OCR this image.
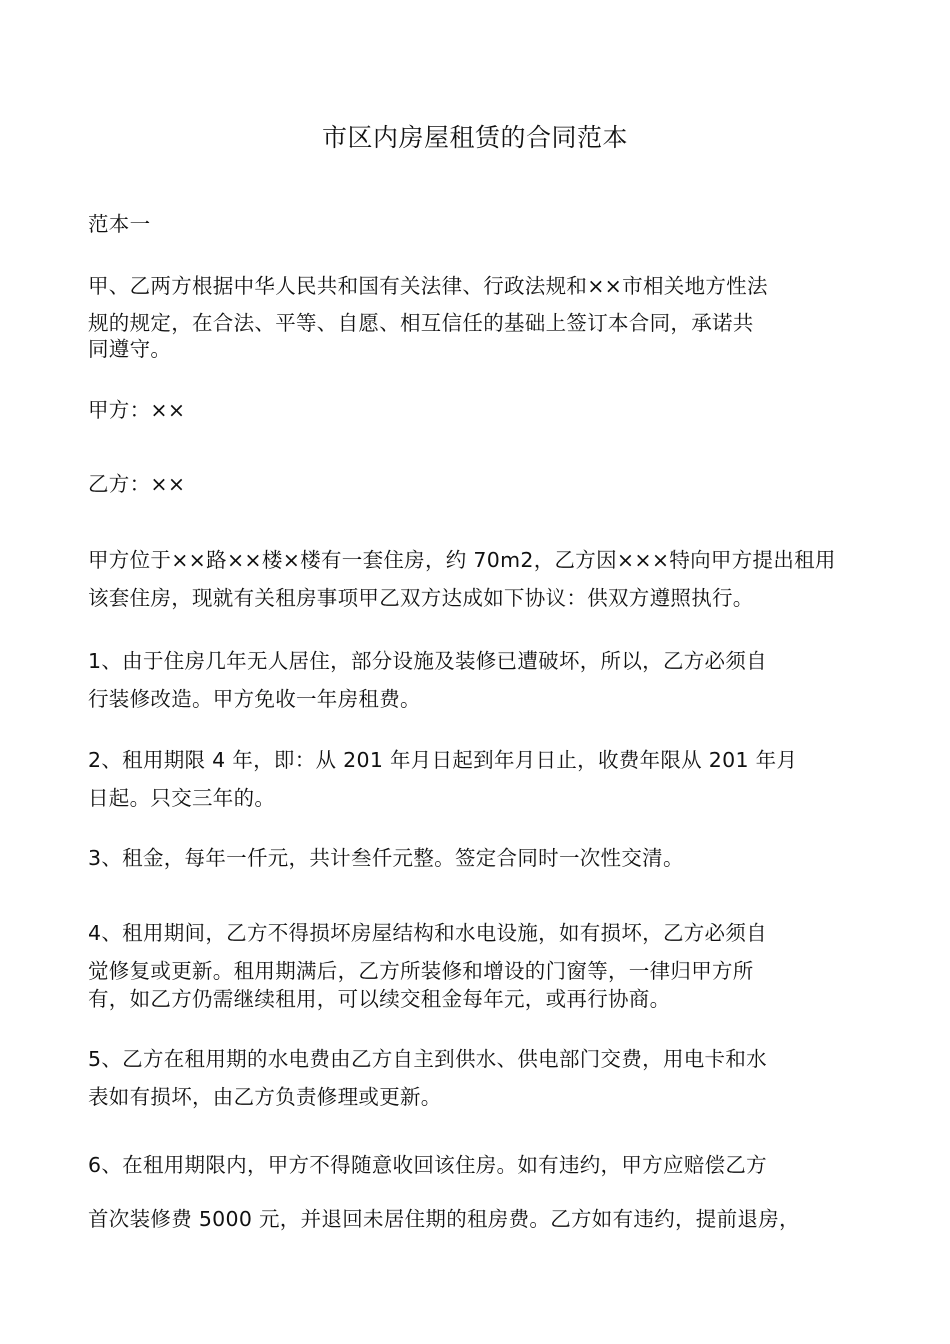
市区内房屋租赁的合同范本

范本一

甲、乙两方根据中华人民共和国有关法律、行政法规和××市相关地方性法
规的规定，在合法、平等、自愿、相互信任的基础上签订本合同，承诺共
同遵守。

甲方：××

乙方：××

甲方位于××路××楼×楼有一套住房，约 70m2，乙方因×××特向甲方提出租用
该套住房，现就有关租房事项甲乙双方达成如下协议：供双方遵照执行。

1、由于住房几年无人居住，部分设施及装修已遭破坏，所以，乙方必须自
行装修改造。甲方免收一年房租费。

2、租用期限 4 年，即：从 201 年月日起到年月日止，收费年限从 201 年月
日起。只交三年的。

3、租金，每年一仟元，共计叁仟元整。签定合同时一次性交清。

4、租用期间，乙方不得损坏房屋结构和水电设施，如有损坏，乙方必须自
觉修复或更新。租用期满后，乙方所装修和增设的门窗等，一律归甲方所
有，如乙方仍需继续租用，可以续交租金每年元，或再行协商。

5、乙方在租用期的水电费由乙方自主到供水、供电部门交费，用电卡和水
表如有损坏，由乙方负责修理或更新。

6、在租用期限内，甲方不得随意收回该住房。如有违约，甲方应赔偿乙方
首次装修费 5000 元，并退回未居住期的租房费。乙方如有违约，提前退房，
